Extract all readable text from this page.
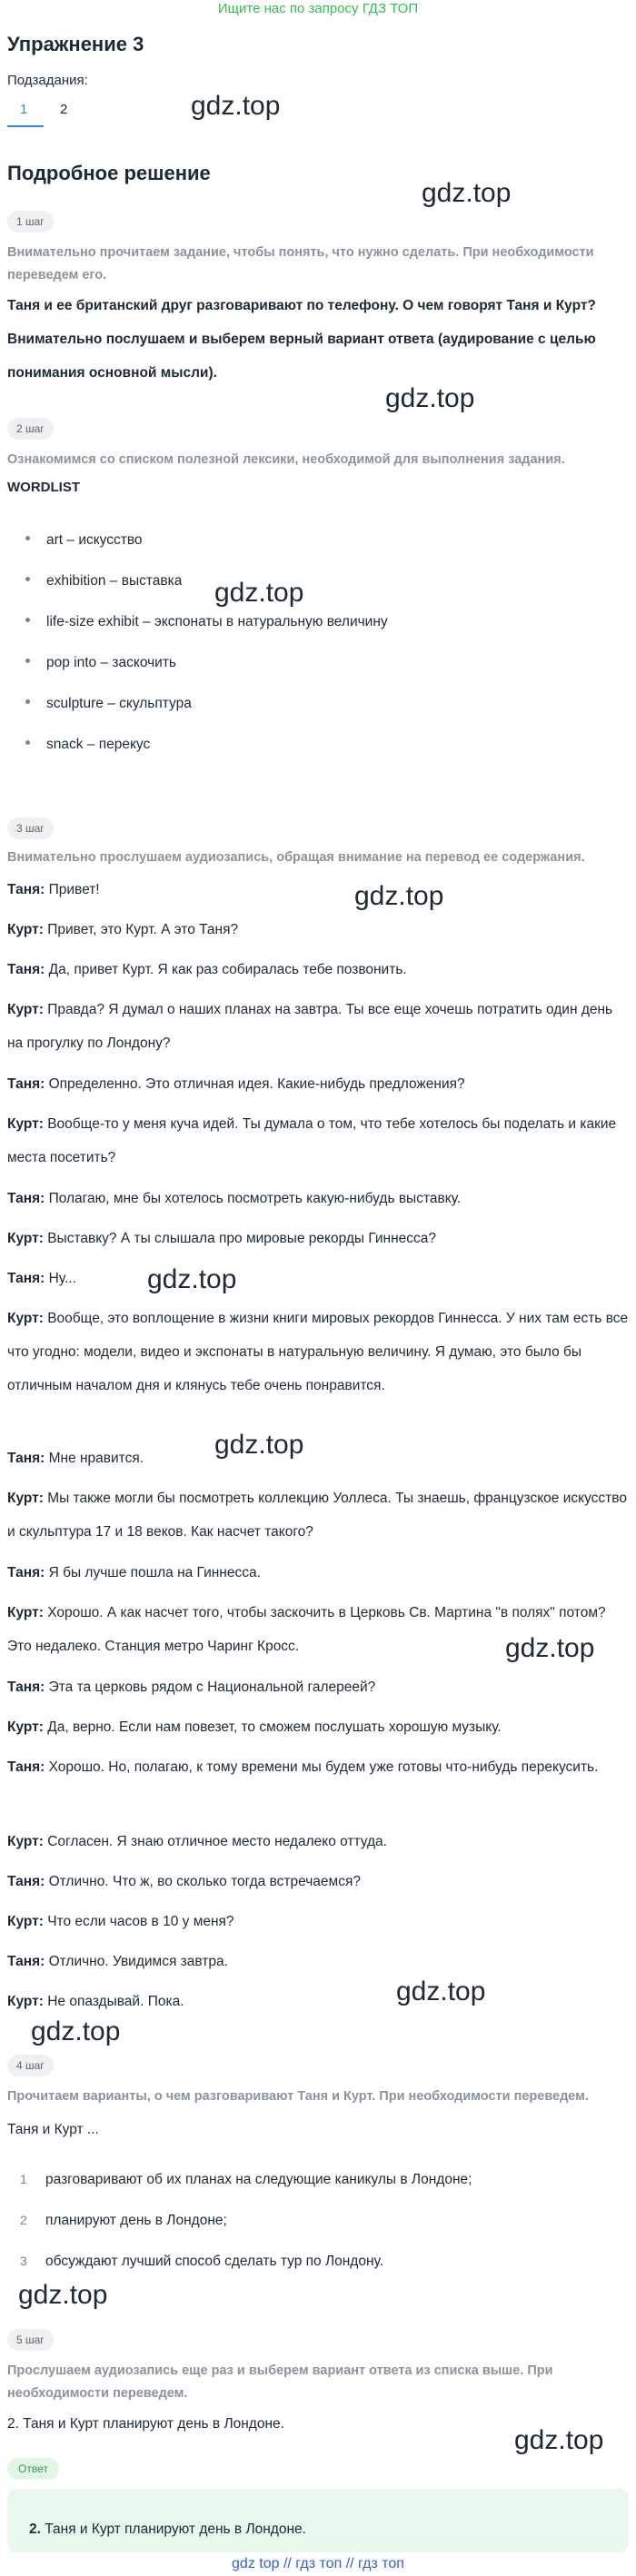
Ищите нас по запросу ГДЗ ТОП
Упражнение 3
Подзадания:
1 2	gdz.top
Подробное решение
gdz.top
1 шаг
Внимательно прочитаем задание, чтобы понять, что нужно сделать. При необходимости переведем его.
Таня и ее британский друг разговаривают по телефону. О чем говорят Таня и Курт? Внимательно послушаем и выберем верный вариант ответа (аудирование с целью понимания основной мысли).
gdz.top
2 шаг
Ознакомимся со списком полезной лексики, необходимой для выполнения задания.
WORDLIST
art – искусство
exhibition – выставка
life-size exhibit – экспонаты в натуральную величину
pop into – заскочить
sculpture – скульптура
snack – перекус
gdz.top
3 шаг
Внимательно прослушаем аудиозапись, обращая внимание на перевод ее содержания.
Таня: Привет!
Курт: Привет, это Курт. А это Таня?
Таня: Да, привет Курт. Я как раз собиралась тебе позвонить.
Курт: Правда? Я думал о наших планах на завтра. Ты все еще хочешь потратить один день на прогулку по Лондону?
Таня: Определенно. Это отличная идея. Какие-нибудь предложения?
Курт: Вообще-то у меня куча идей. Ты думала о том, что тебе хотелось бы поделать и какие места посетить?
Таня: Полагаю, мне бы хотелось посмотреть какую-нибудь выставку.
Курт: Выставку? А ты слышала про мировые рекорды Гиннесса?
Таня: Ну...
Курт: Вообще, это воплощение в жизни книги мировых рекордов Гиннесса. У них там есть все что угодно: модели, видео и экспонаты в натуральную величину. Я думаю, это было бы отличным началом дня и клянусь тебе очень понравится.
Таня: Мне нравится.
Курт: Мы также могли бы посмотреть коллекцию Уоллеса. Ты знаешь, французское искусство и скульптура 17 и 18 веков. Как насчет такого?
Таня: Я бы лучше пошла на Гиннесса.
Курт: Хорошо. А как насчет того, чтобы заскочить в Церковь Св. Мартина "в полях" потом? Это недалеко. Станция метро Чаринг Кросс.
Таня: Эта та церковь рядом с Национальной галереей?
Курт: Да, верно. Если нам повезет, то сможем послушать хорошую музыку.
Таня: Хорошо. Но, полагаю, к тому времени мы будем уже готовы что-нибудь перекусить.
Курт: Согласен. Я знаю отличное место недалеко оттуда.
Таня: Отлично. Что ж, во сколько тогда встречаемся?
Курт: Что если часов в 10 у меня?
Таня: Отлично. Увидимся завтра.
Курт: Не опаздывай. Пока.
gdz.top
gdz.top
gdz.top
gdz.top
gdz.top
gdz.top
4 шаг
Прочитаем варианты, о чем разговаривают Таня и Курт. При необходимости переведем.
Таня и Курт ...
1 разговаривают об их планах на следующие каникулы в Лондоне;
2 планируют день в Лондоне;
3 обсуждают лучший способ сделать тур по Лондону.
gdz.top
5 шаг
Прослушаем аудиозапись еще раз и выберем вариант ответа из списка выше. При необходимости переведем.
2. Таня и Курт планируют день в Лондоне.
gdz.top
Ответ
2. Таня и Курт планируют день в Лондоне.
gdz top // гдз топ // гдз топ
